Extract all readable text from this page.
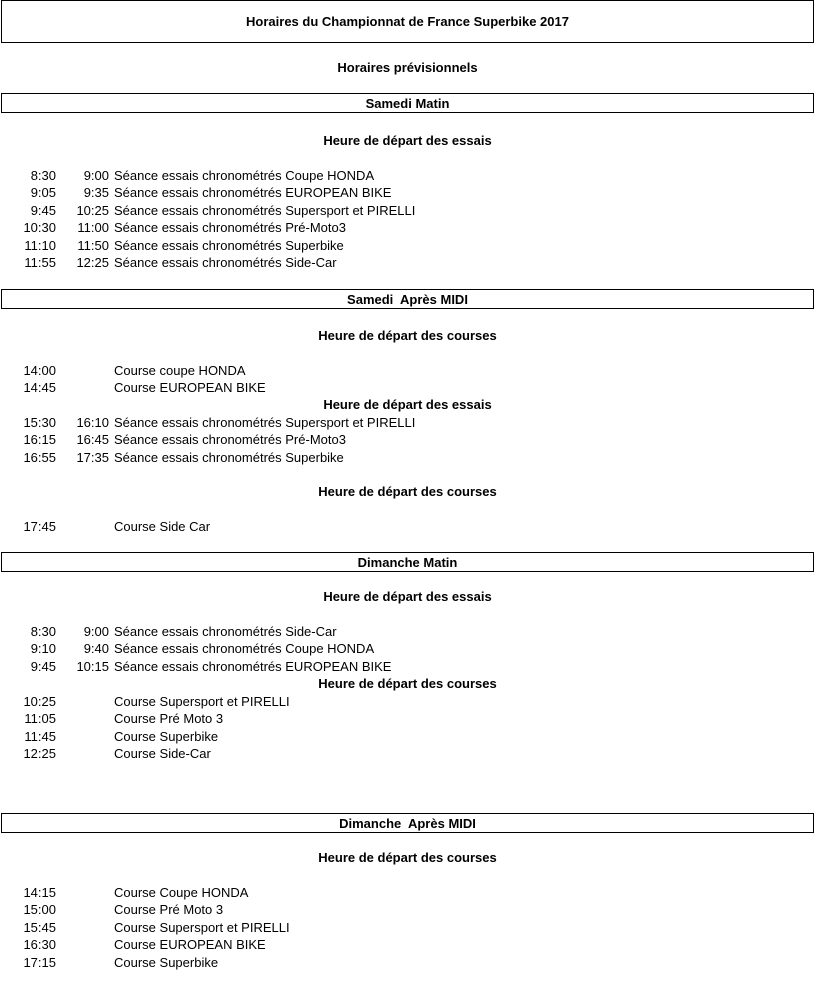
Horaires du Championnat de France Superbike 2017
Horaires prévisionnels
Samedi Matin
Heure de départ des essais
8:30 9:00 Séance essais chronométrés Coupe HONDA
9:05 9:35 Séance essais chronométrés EUROPEAN BIKE
9:45 10:25 Séance essais chronométrés Supersport et PIRELLI
10:30 11:00 Séance essais chronométrés Pré-Moto3
11:10 11:50 Séance essais chronométrés Superbike
11:55 12:25 Séance essais chronométrés Side-Car
Samedi  Après MIDI
Heure de départ des courses
14:00	Course coupe HONDA
14:45	Course EUROPEAN BIKE
Heure de départ des essais
15:30 16:10 Séance essais chronométrés Supersport et PIRELLI
16:15 16:45 Séance essais chronométrés Pré-Moto3
16:55 17:35 Séance essais chronométrés Superbike
Heure de départ des courses
17:45	Course Side Car
Dimanche Matin
Heure de départ des essais
8:30 9:00 Séance essais chronométrés Side-Car
9:10 9:40 Séance essais chronométrés Coupe HONDA
9:45 10:15 Séance essais chronométrés EUROPEAN BIKE
Heure de départ des courses
10:25	Course Supersport et PIRELLI
11:05	Course Pré Moto 3
11:45	Course Superbike
12:25	Course Side-Car
Dimanche  Après MIDI
Heure de départ des courses
14:15	Course Coupe HONDA
15:00	Course Pré Moto 3
15:45	Course Supersport et PIRELLI
16:30	Course EUROPEAN BIKE
17:15	Course Superbike
